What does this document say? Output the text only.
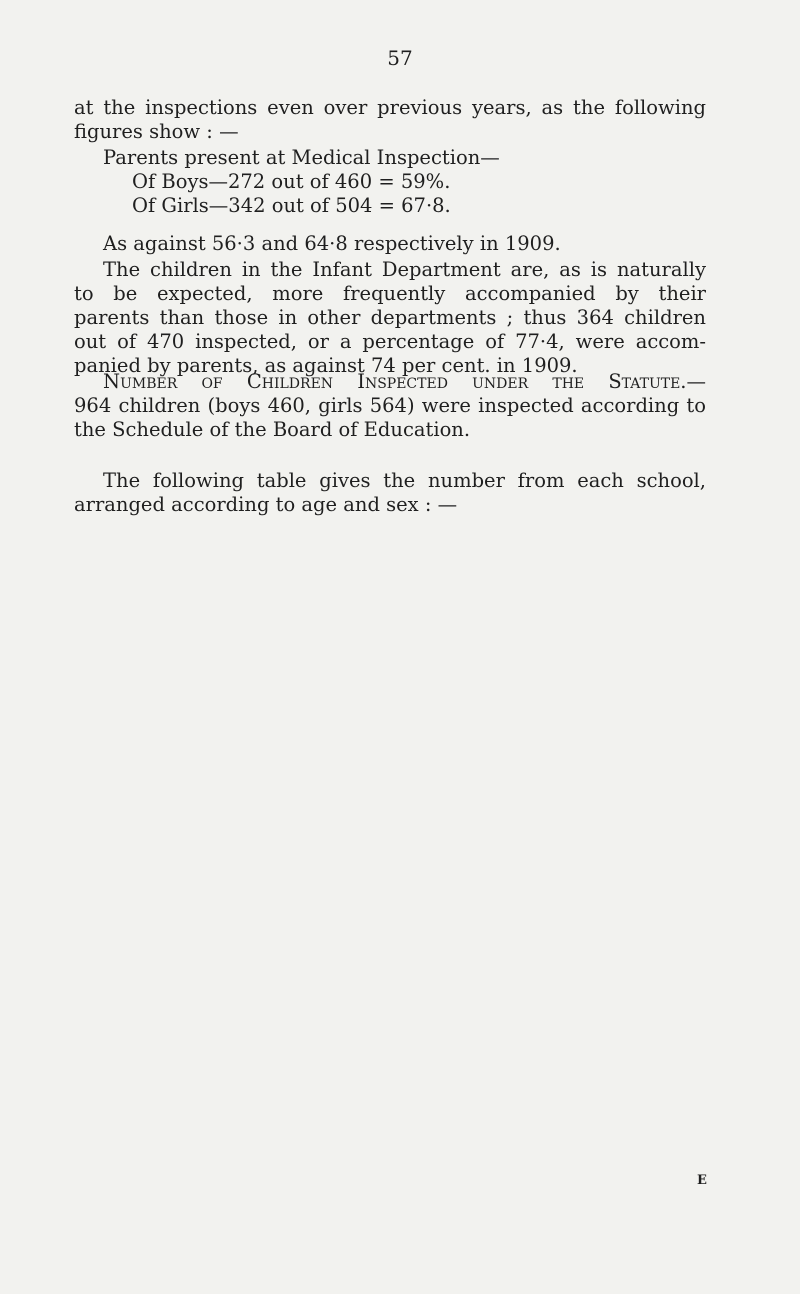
57
at the inspections even over previous years, as the following
figures show : —
Parents present at Medical Inspection—
Of Boys—272 out of 460 = 59%.
Of Girls—342 out of 504 = 67·8.
As against 56·3 and 64·8 respectively in 1909.
The children in the Infant Department are, as is naturally
to be expected, more frequently accompanied by their
parents than those in other departments ; thus 364 children
out of 470 inspected, or a percentage of 77·4, were accom-
panied by parents, as against 74 per cent. in 1909.
Number of Children Inspected under the Statute.—
964 children (boys 460, girls 564) were inspected according to
the Schedule of the Board of Education.
The following table gives the number from each school,
arranged according to age and sex : —
E
